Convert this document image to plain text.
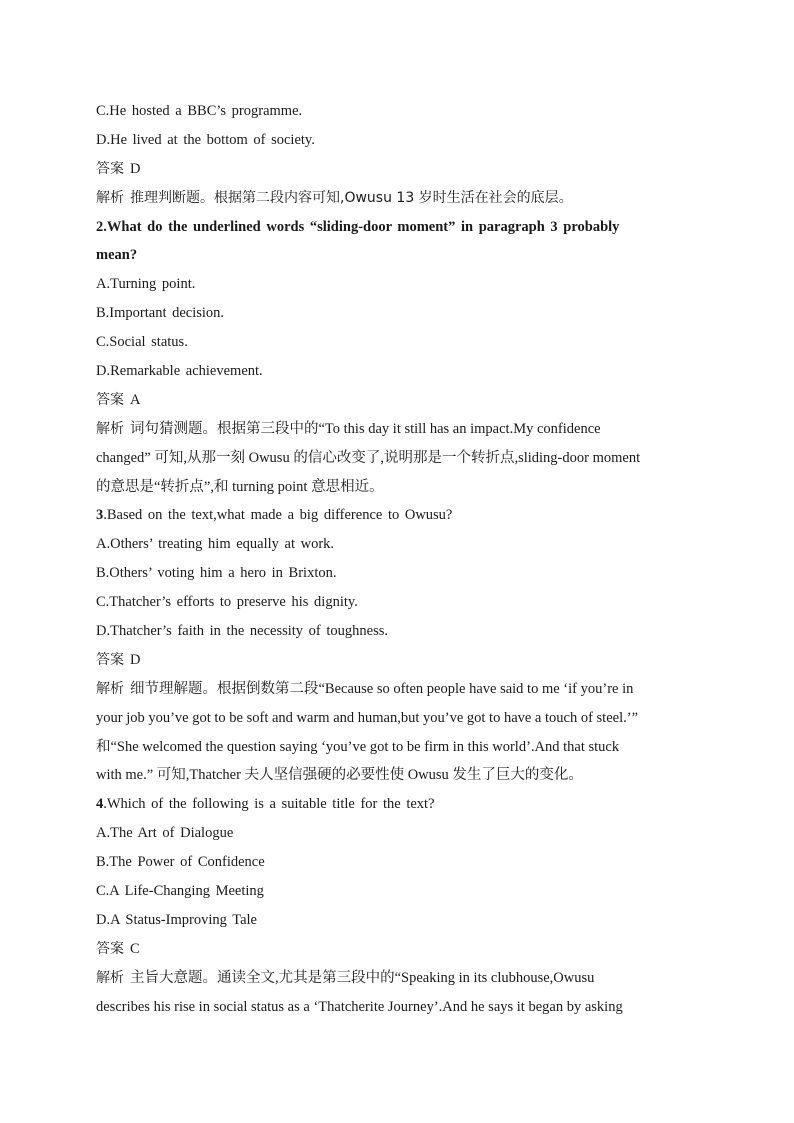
C.He hosted a BBC’s programme.
D.He lived at the bottom of society.
答案 D
解析 推理判断题。根据第二段内容可知,Owusu 13 岁时生活在社会的底层。
2.What do the underlined words “sliding-door moment” in paragraph 3 probably
mean?
A.Turning point.
B.Important decision.
C.Social status.
D.Remarkable achievement.
答案 A
解析 词句猜测题。根据第三段中的“To this day it still has an impact.My confidence
changed” 可知,从那一刻 Owusu 的信心改变了,说明那是一个转折点,sliding-door moment
的意思是“转折点”,和 turning point 意思相近。
3.Based on the text,what made a big difference to Owusu?
A.Others’ treating him equally at work.
B.Others’ voting him a hero in Brixton.
C.Thatcher’s efforts to preserve his dignity.
D.Thatcher’s faith in the necessity of toughness.
答案 D
解析 细节理解题。根据倒数第二段“Because so often people have said to me ‘if you’re in
your job you’ve got to be soft and warm and human,but you’ve got to have a touch of steel.’”
和“She welcomed the question saying ‘you’ve got to be firm in this world’.And that stuck
with me.” 可知,Thatcher 夫人坚信强硬的必要性使 Owusu 发生了巨大的变化。
4.Which of the following is a suitable title for the text?
A.The Art of Dialogue
B.The Power of Confidence
C.A Life-Changing Meeting
D.A Status-Improving Tale
答案 C
解析 主旨大意题。通读全文,尤其是第三段中的“Speaking in its clubhouse,Owusu
describes his rise in social status as a ‘Thatcherite Journey’.And he says it began by asking
